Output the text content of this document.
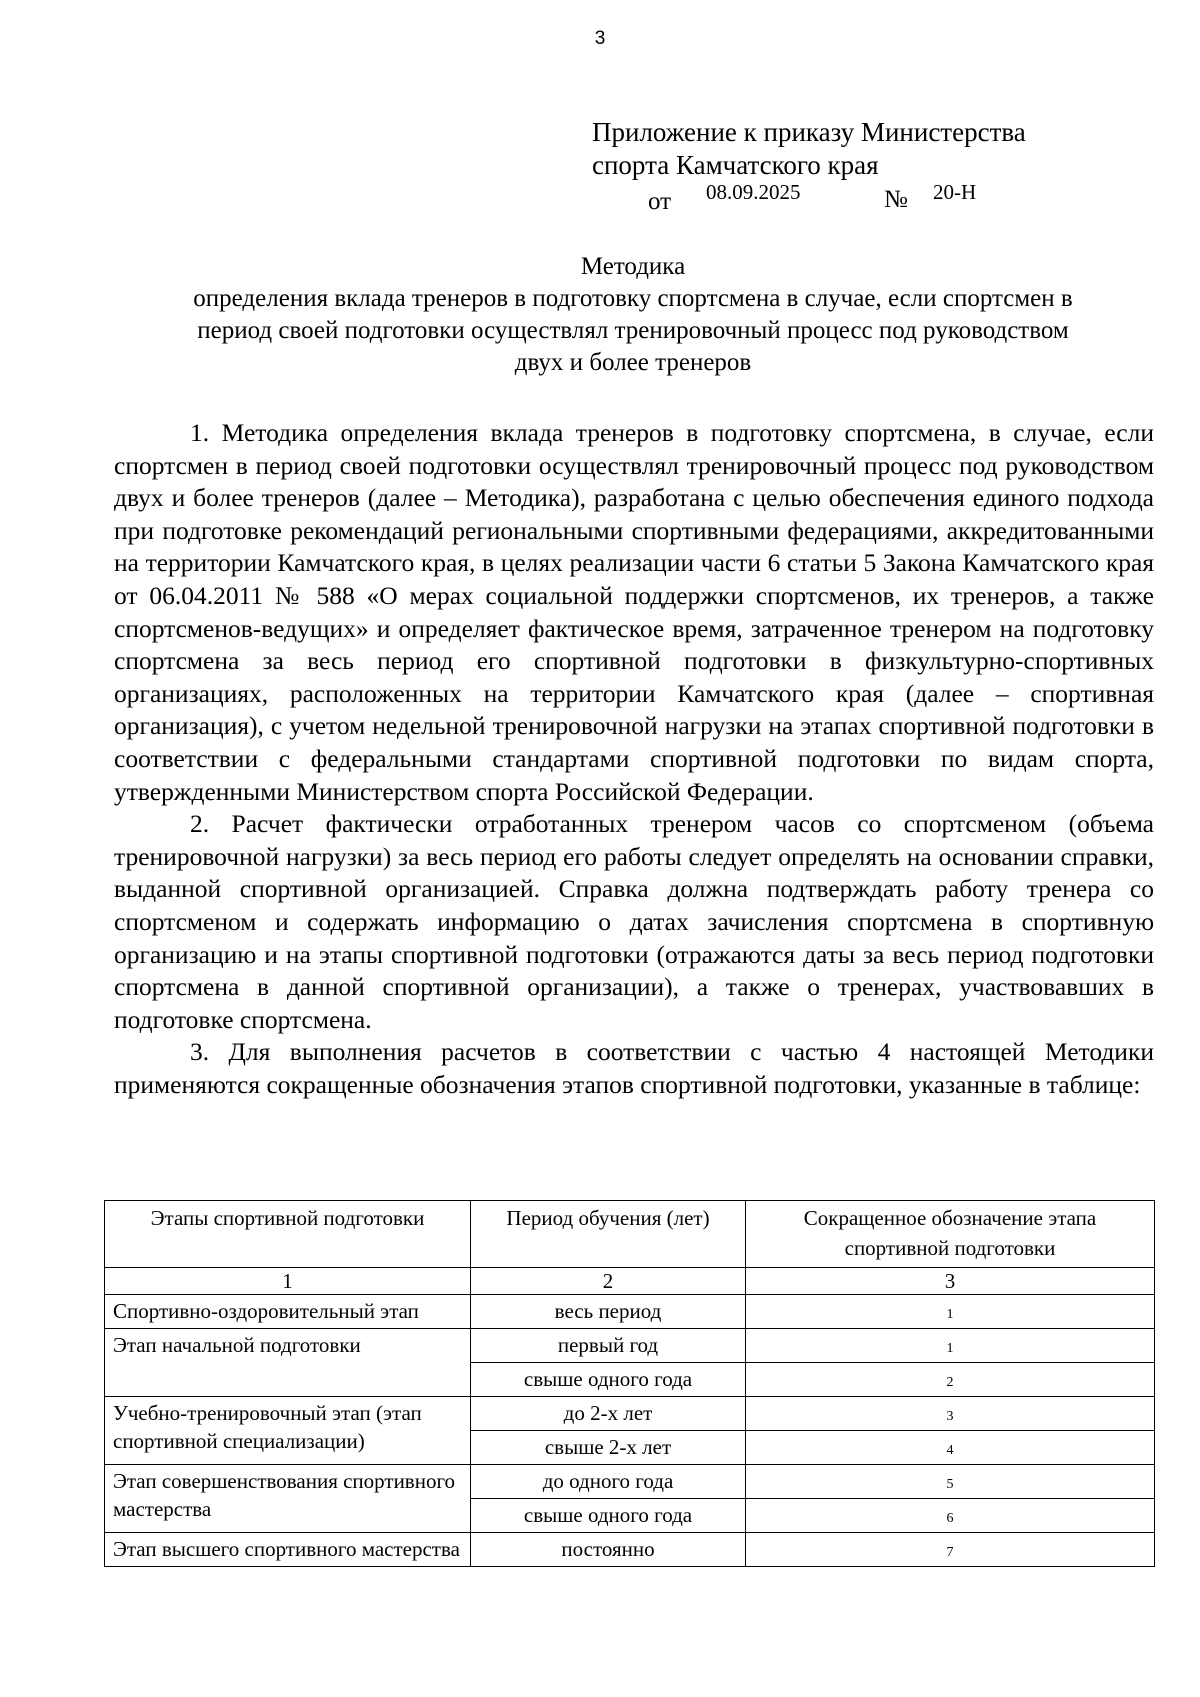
3
Приложение к приказу Министерства
спорта Камчатского края
от 08.09.2025	№ 20-Н
Методика
определения вклада тренеров в подготовку спортсмена в случае, если спортсмен в
период своей подготовки осуществлял тренировочный процесс под руководством
двух и более тренеров

1. Методика определения вклада тренеров в подготовку спортсмена, в случае, если спортсмен в период своей подготовки осуществлял тренировочный процесс под руководством двух и более тренеров (далее – Методика), разработана с целью обеспечения единого подхода при подготовке рекомендаций региональными спортивными федерациями, аккредитованными на территории Камчатского края, в целях реализации части 6 статьи 5 Закона Камчатского края от 06.04.2011 № 588 «О мерах социальной поддержки спортсменов, их тренеров, а также спортсменов-ведущих» и определяет фактическое время, затраченное тренером на подготовку спортсмена за весь период его спортивной подготовки в физкультурно-спортивных организациях, расположенных на территории Камчатского края (далее – спортивная организация), с учетом недельной тренировочной нагрузки на этапах спортивной подготовки в соответствии с федеральными стандартами спортивной подготовки по видам спорта, утвержденными Министерством спорта Российской Федерации.

2. Расчет фактически отработанных тренером часов со спортсменом (объема тренировочной нагрузки) за весь период его работы следует определять на основании справки, выданной спортивной организацией. Справка должна подтверждать работу тренера со спортсменом и содержать информацию о датах зачисления спортсмена в спортивную организацию и на этапы спортивной подготовки (отражаются даты за весь период подготовки спортсмена в данной спортивной организации), а также о тренерах, участвовавших в подготовке спортсмена.

3. Для выполнения расчетов в соответствии с частью 4 настоящей Методики применяются сокращенные обозначения этапов спортивной подготовки, указанные в таблице:

Этапы спортивной подготовки	Период обучения (лет)	Сокращенное обозначение этапа спортивной подготовки
1	2	3
Спортивно-оздоровительный этап	весь период	1
Этап начальной подготовки	первый год	1
	свыше одного года	2
Учебно-тренировочный этап (этап спортивной специализации)	до 2-х лет	3
	свыше 2-х лет	4
Этап совершенствования спортивного мастерства	до одного года	5
	свыше одного года	6
Этап высшего спортивного мастерства	постоянно	7
